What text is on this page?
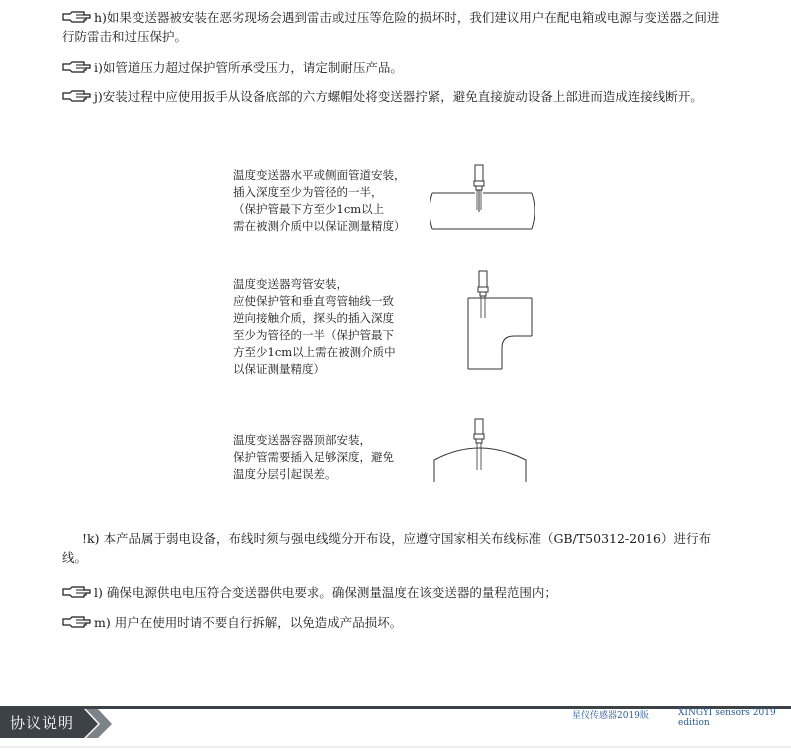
h)如果变送器被安装在恶劣现场会遇到雷击或过压等危险的损坏时，我们建议用户在配电箱或电源与变送器之间进行防雷击和过压保护。
i)如管道压力超过保护管所承受压力，请定制耐压产品。
j)安装过程中应使用扳手从设备底部的六方螺帽处将变送器拧紧，避免直接旋动设备上部进而造成连接线断开。
温度变送器水平或侧面管道安装，
插入深度至少为管径的一半，
（保护管最下方至少1cm以上
需在被测介质中以保证测量精度）
温度变送器弯管安装，
应使保护管和垂直弯管轴线一致
逆向接触介质，探头的插入深度
至少为管径的一半（保护管最下
方至少1cm以上需在被测介质中
以保证测量精度）
温度变送器容器顶部安装，
保护管需要插入足够深度，避免
温度分层引起误差。
!k) 本产品属于弱电设备，布线时须与强电线缆分开布设，应遵守国家相关布线标准（GB/T50312-2016）进行布线。
l) 确保电源供电电压符合变送器供电要求。确保测量温度在该变送器的量程范围内；
m) 用户在使用时请不要自行拆解，以免造成产品损坏。
协议说明	星仪传感器2019版	XINGYI sensors 2019 edition
